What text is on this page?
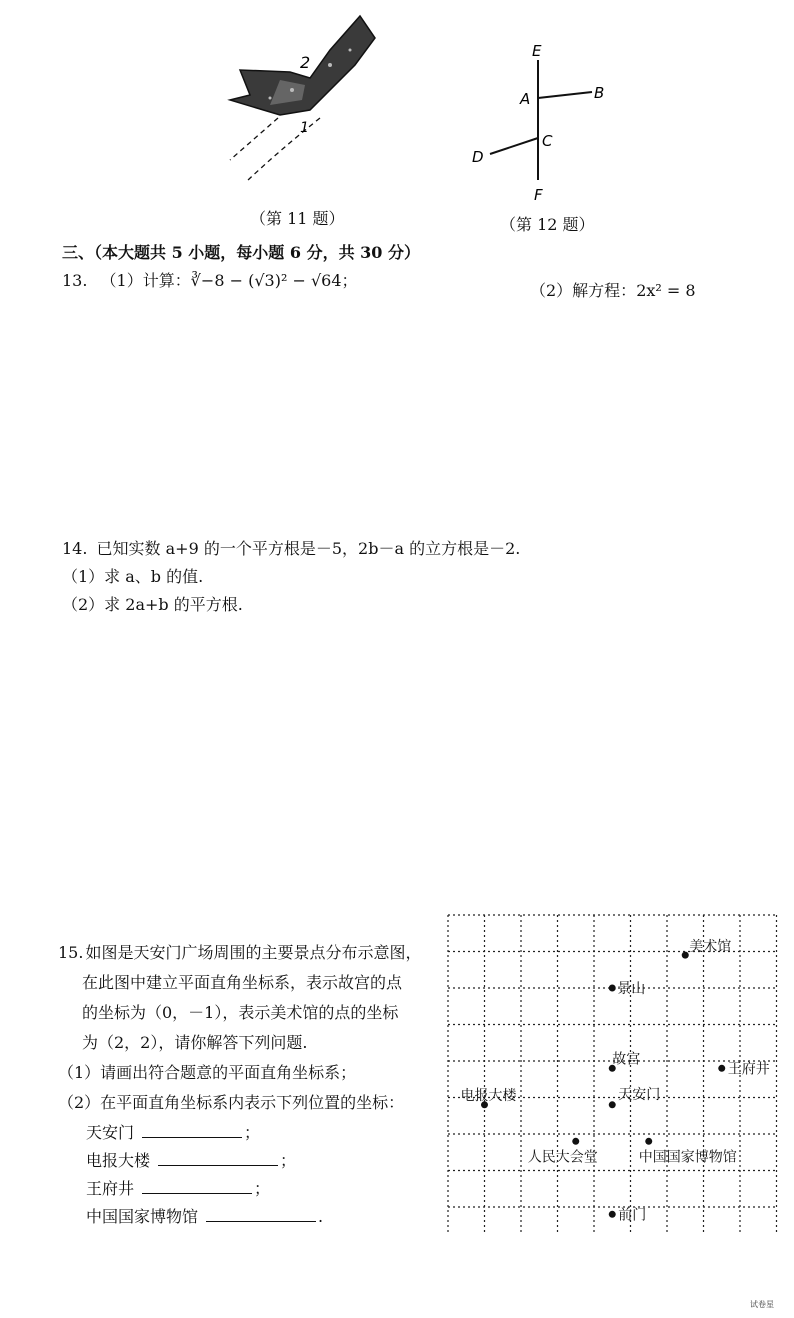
2
1
（第 11 题）
E
A	B
C
D
F
（第 12 题）
三、（本大题共 5 小题，每小题 6 分，共 30 分）
13. （1）计算：∛−8 − (√3)² − √64；
（2）解方程：2x² = 8
14. 已知实数 a+9 的一个平方根是－5，2b－a 的立方根是－2.
（1）求 a、b 的值.
（2）求 2a+b 的平方根.
15. 如图是天安门广场周围的主要景点分布示意图，
在此图中建立平面直角坐标系，表示故宫的点
的坐标为（0，－1），表示美术馆的点的坐标
为（2，2），请你解答下列问题.
（1）请画出符合题意的平面直角坐标系；
（2）在平面直角坐标系内表示下列位置的坐标：
天安门	；
电报大楼	；
王府井	；
中国国家博物馆	.
美术馆
景山
故宫
王府井
电报大楼	天安门
人民大会堂	中国国家博物馆
前门
试卷星
